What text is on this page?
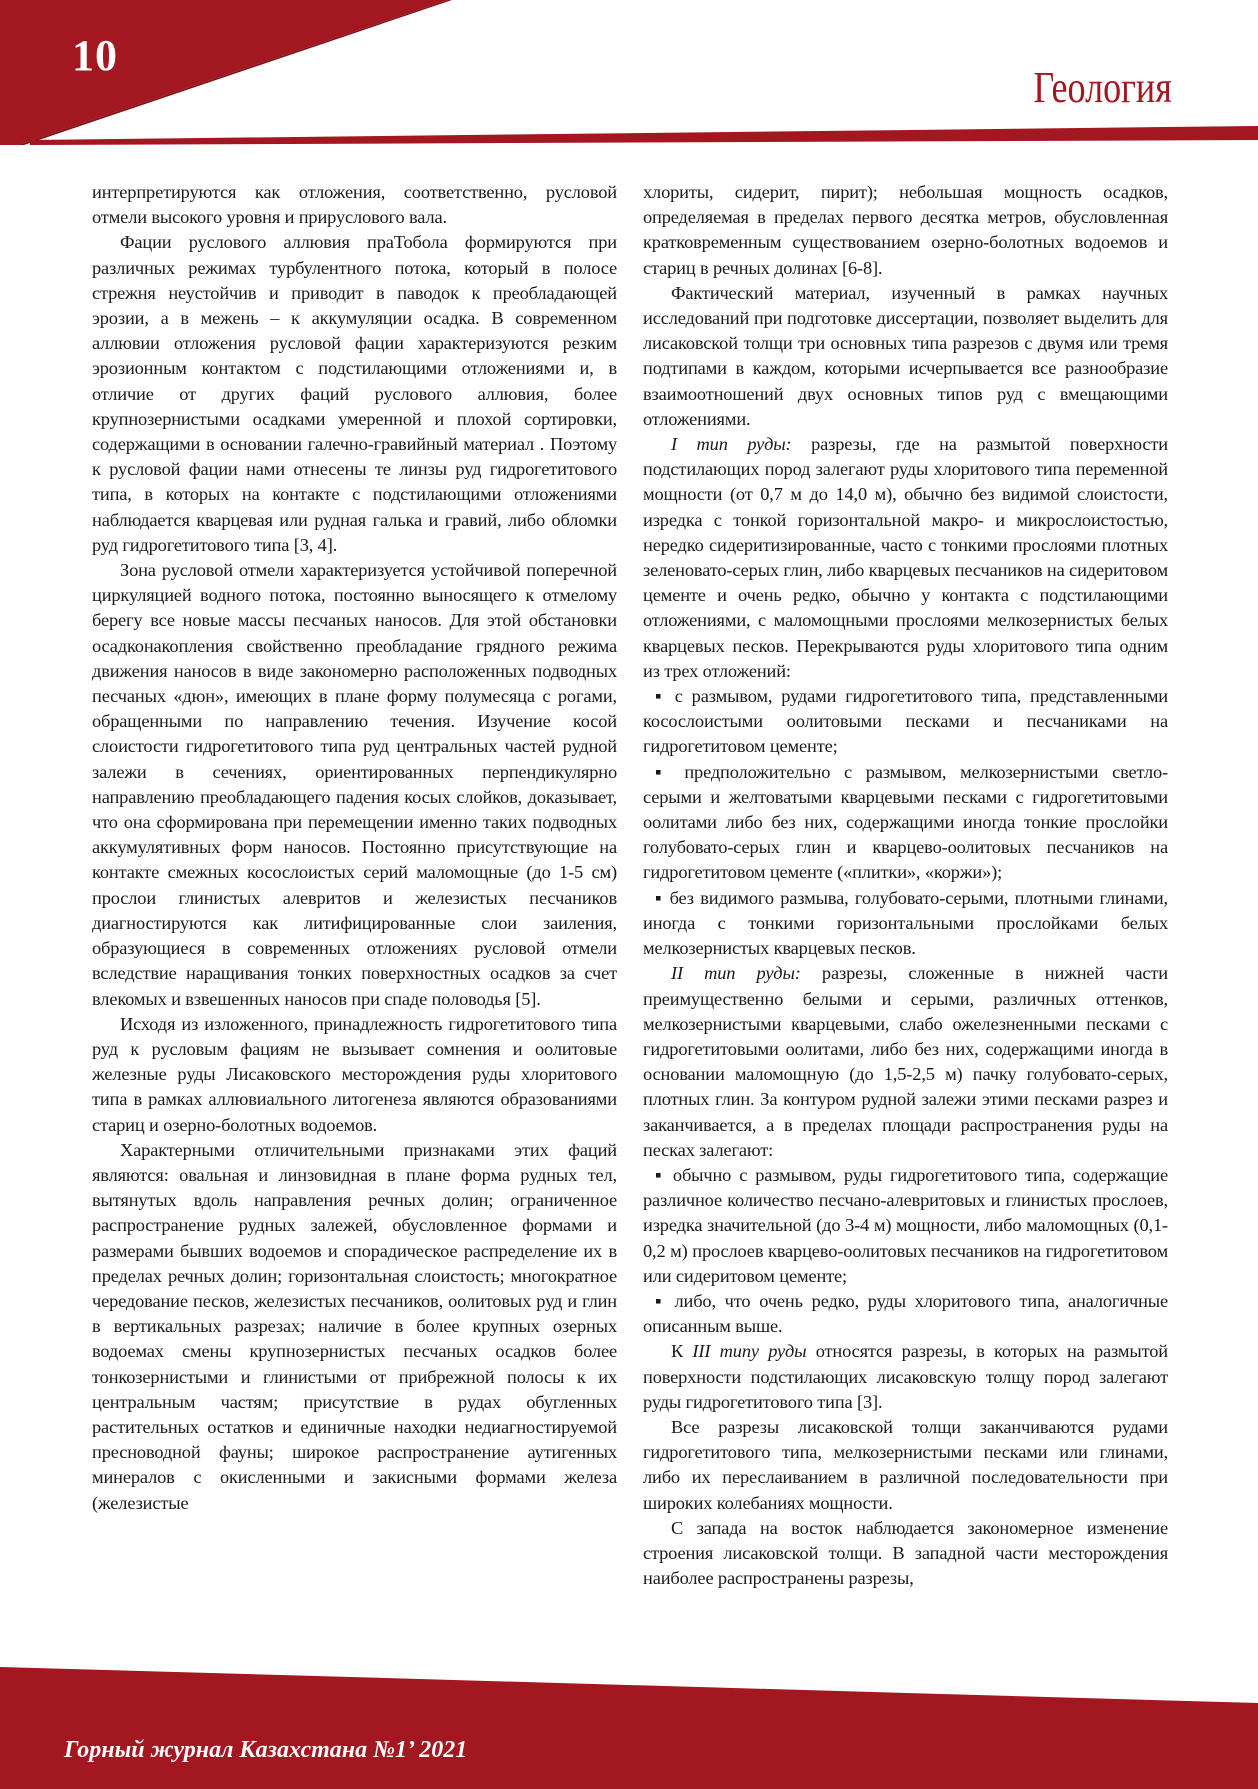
10
Геология

интерпретируются как отложения, соответственно, русловой отмели высокого уровня и прируслового вала.

Фации руслового аллювия праТобола формируются при различных режимах турбулентного потока, который в полосе стрежня неустойчив и приводит в паводок к преобладающей эрозии, а в межень – к аккумуляции осадка. В современном аллювии отложения русловой фации характеризуются резким эрозионным контактом с подстилающими отложениями и, в отличие от других фаций руслового аллювия, более крупнозернистыми осадками умеренной и плохой сортировки, содержащими в основании галечно-гравийный материал . Поэтому к русловой фации нами отнесены те линзы руд гидрогетитового типа, в которых на контакте с подстилающими отложениями наблюдается кварцевая или рудная галька и гравий, либо обломки руд гидрогетитового типа [3, 4].

Зона русловой отмели характеризуется устойчивой поперечной циркуляцией водного потока, постоянно выносящего к отмелому берегу все новые массы песчаных наносов. Для этой обстановки осадконакопления свойственно преобладание грядного режима движения наносов в виде закономерно расположенных подводных песчаных «дюн», имеющих в плане форму полумесяца с рогами, обращенными по направлению течения. Изучение косой слоистости гидрогетитового типа руд центральных частей рудной залежи в сечениях, ориентированных перпендикулярно направлению преобладающего падения косых слойков, доказывает, что она сформирована при перемещении именно таких подводных аккумулятивных форм наносов. Постоянно присутствующие на контакте смежных косослоистых серий маломощные (до 1-5 см) прослои глинистых алевритов и железистых песчаников диагностируются как литифицированные слои заиления, образующиеся в современных отложениях русловой отмели вследствие наращивания тонких поверхностных осадков за счет влекомых и взвешенных наносов при спаде половодья [5].

Исходя из изложенного, принадлежность гидрогетитового типа руд к русловым фациям не вызывает сомнения и оолитовые железные руды Лисаковского месторождения руды хлоритового типа в рамках аллювиального литогенеза являются образованиями стариц и озерно-болотных водоемов.

Характерными отличительными признаками этих фаций являются: овальная и линзовидная в плане форма рудных тел, вытянутых вдоль направления речных долин; ограниченное распространение рудных залежей, обусловленное формами и размерами бывших водоемов и спорадическое распределение их в пределах речных долин; горизонтальная слоистость; многократное чередование песков, железистых песчаников, оолитовых руд и глин в вертикальных разрезах; наличие в более крупных озерных водоемах смены крупнозернистых песчаных осадков более тонкозернистыми и глинистыми от прибрежной полосы к их центральным частям; присутствие в рудах обугленных растительных остатков и единичные находки недиагностируемой пресноводной фауны; широкое распространение аутигенных минералов с окисленными и закисными формами железа (железистые

хлориты, сидерит, пирит); небольшая мощность осадков, определяемая в пределах первого десятка метров, обусловленная кратковременным существованием озерно-болотных водоемов и стариц в речных долинах [6-8].

Фактический материал, изученный в рамках научных исследований при подготовке диссертации, позволяет выделить для лисаковской толщи три основных типа разрезов с двумя или тремя подтипами в каждом, которыми исчерпывается все разнообразие взаимоотношений двух основных типов руд с вмещающими отложениями.

I тип руды: разрезы, где на размытой поверхности подстилающих пород залегают руды хлоритового типа переменной мощности (от 0,7 м до 14,0 м), обычно без видимой слоистости, изредка с тонкой горизонтальной макро- и микрослоистостью, нередко сидеритизированные, часто с тонкими прослоями плотных зеленовато-серых глин, либо кварцевых песчаников на сидеритовом цементе и очень редко, обычно у контакта с подстилающими отложениями, с маломощными прослоями мелкозернистых белых кварцевых песков. Перекрываются руды хлоритового типа одним из трех отложений:

▪ с размывом, рудами гидрогетитового типа, представленными косослоистыми оолитовыми песками и песчаниками на гидрогетитовом цементе;

▪ предположительно с размывом, мелкозернистыми светло-серыми и желтоватыми кварцевыми песками с гидрогетитовыми оолитами либо без них, содержащими иногда тонкие прослойки голубовато-серых глин и кварцево-оолитовых песчаников на гидрогетитовом цементе («плитки», «коржи»);

▪ без видимого размыва, голубовато-серыми, плотными глинами, иногда с тонкими горизонтальными прослойками белых мелкозернистых кварцевых песков.

II тип руды: разрезы, сложенные в нижней части преимущественно белыми и серыми, различных оттенков, мелкозернистыми кварцевыми, слабо ожелезненными песками с гидрогетитовыми оолитами, либо без них, содержащими иногда в основании маломощную (до 1,5-2,5 м) пачку голубовато-серых, плотных глин. За контуром рудной залежи этими песками разрез и заканчивается, а в пределах площади распространения руды на песках залегают:

▪ обычно с размывом, руды гидрогетитового типа, содержащие различное количество песчано-алевритовых и глинистых прослоев, изредка значительной (до 3-4 м) мощности, либо маломощных (0,1-0,2 м) прослоев кварцево-оолитовых песчаников на гидрогетитовом или сидеритовом цементе;

▪ либо, что очень редко, руды хлоритового типа, аналогичные описанным выше.

К III типу руды относятся разрезы, в которых на размытой поверхности подстилающих лисаковскую толщу пород залегают руды гидрогетитового типа [3].

Все разрезы лисаковской толщи заканчиваются рудами гидрогетитового типа, мелкозернистыми песками или глинами, либо их переслаиванием в различной последовательности при широких колебаниях мощности.

С запада на восток наблюдается закономерное изменение строения лисаковской толщи. В западной части месторождения наиболее распространены разрезы,

Горный журнал Казахстана №1’ 2021
